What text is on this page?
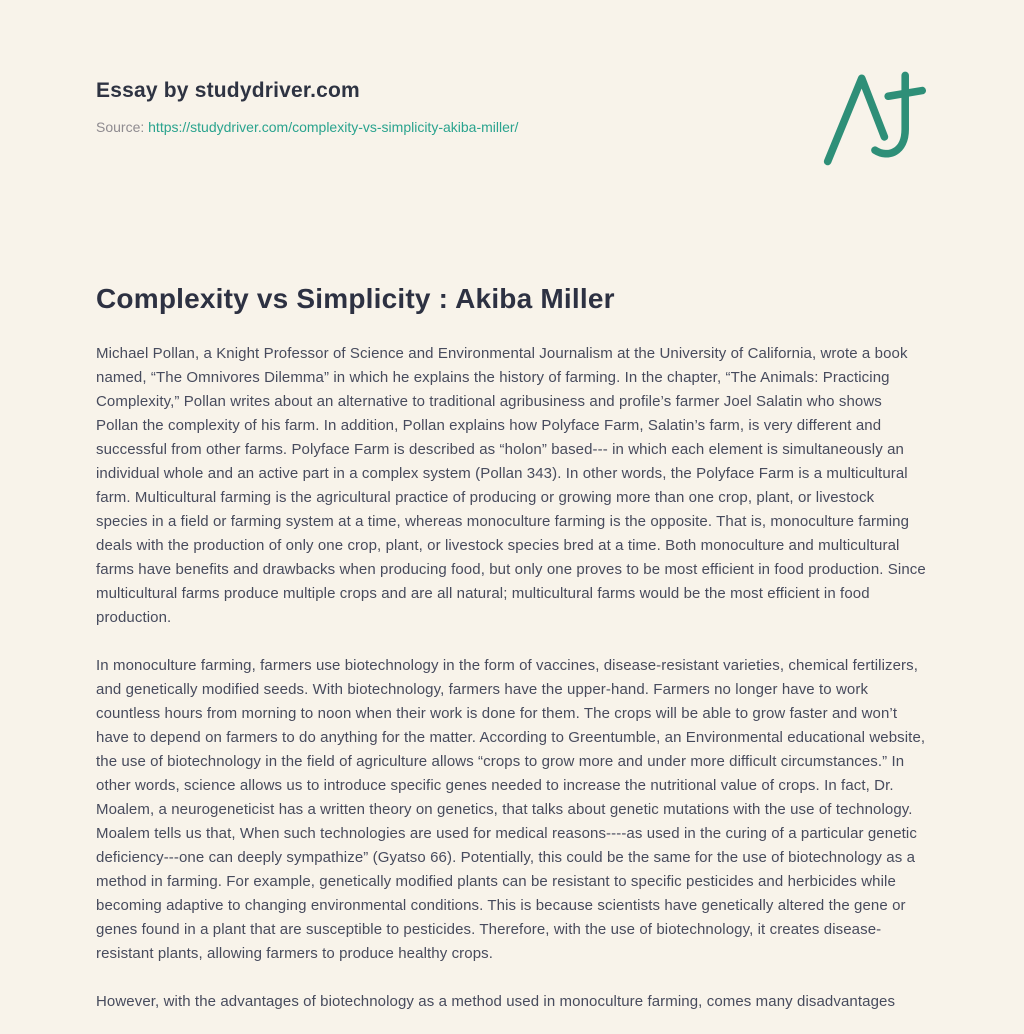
Essay by studydriver.com
Source: https://studydriver.com/complexity-vs-simplicity-akiba-miller/
Complexity vs Simplicity : Akiba Miller

Michael Pollan, a Knight Professor of Science and Environmental Journalism at the University of California, wrote a book named, “The Omnivores Dilemma” in which he explains the history of farming. In the chapter, “The Animals: Practicing Complexity,” Pollan writes about an alternative to traditional agribusiness and profile’s farmer Joel Salatin who shows Pollan the complexity of his farm. In addition, Pollan explains how Polyface Farm, Salatin’s farm, is very different and successful from other farms. Polyface Farm is described as “holon” based--- in which each element is simultaneously an individual whole and an active part in a complex system (Pollan 343). In other words, the Polyface Farm is a multicultural farm. Multicultural farming is the agricultural practice of producing or growing more than one crop, plant, or livestock species in a field or farming system at a time, whereas monoculture farming is the opposite. That is, monoculture farming deals with the production of only one crop, plant, or livestock species bred at a time. Both monoculture and multicultural farms have benefits and drawbacks when producing food, but only one proves to be most efficient in food production. Since multicultural farms produce multiple crops and are all natural; multicultural farms would be the most efficient in food production.

In monoculture farming, farmers use biotechnology in the form of vaccines, disease-resistant varieties, chemical fertilizers, and genetically modified seeds. With biotechnology, farmers have the upper-hand. Farmers no longer have to work countless hours from morning to noon when their work is done for them. The crops will be able to grow faster and won’t have to depend on farmers to do anything for the matter. According to Greentumble, an Environmental educational website, the use of biotechnology in the field of agriculture allows “crops to grow more and under more difficult circumstances.” In other words, science allows us to introduce specific genes needed to increase the nutritional value of crops. In fact, Dr. Moalem, a neurogeneticist has a written theory on genetics, that talks about genetic mutations with the use of technology. Moalem tells us that, When such technologies are used for medical reasons----as used in the curing of a particular genetic deficiency---one can deeply sympathize” (Gyatso 66). Potentially, this could be the same for the use of biotechnology as a method in farming. For example, genetically modified plants can be resistant to specific pesticides and herbicides while becoming adaptive to changing environmental conditions. This is because scientists have genetically altered the gene or genes found in a plant that are susceptible to pesticides. Therefore, with the use of biotechnology, it creates disease-resistant plants, allowing farmers to produce healthy crops.

However, with the advantages of biotechnology as a method used in monoculture farming, comes many disadvantages
